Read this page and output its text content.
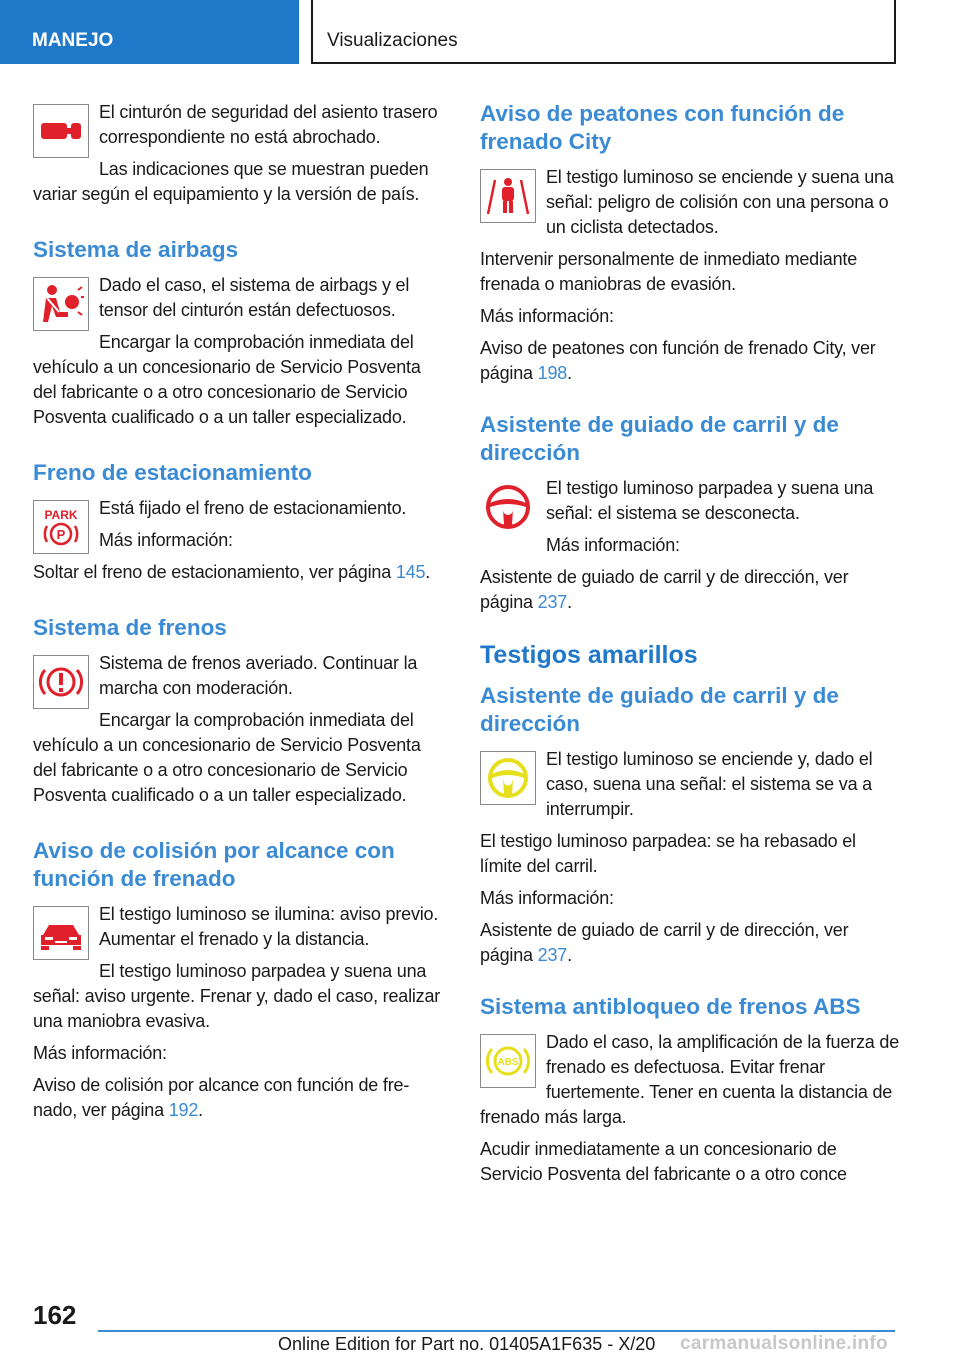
MANEJO	Visualizaciones

El cinturón de seguridad del asiento trasero correspondiente no está abrochado.

Las indicaciones que se muestran pueden variar según el equipamiento y la versión de país.

Sistema de airbags

Dado el caso, el sistema de airbags y el tensor del cinturón están defectuosos.

Encargar la comprobación inmediata del vehículo a un concesionario de Servicio Posventa del fabricante o a otro concesionario de Servicio Posventa cualificado o a un taller especializado.

Freno de estacionamiento
PARK
P

Está fijado el freno de estacionamiento.

Más información:

Soltar el freno de estacionamiento, ver página 145.

Sistema de frenos

Sistema de frenos averiado. Continuar la marcha con moderación.

Encargar la comprobación inmediata del vehículo a un concesionario de Servicio Posventa del fabricante o a otro concesionario de Servicio Posventa cualificado o a un taller especializado.

Aviso de colisión por alcance con función de frenado

El testigo luminoso se ilumina: aviso previo. Aumentar el frenado y la distancia.

El testigo luminoso parpadea y suena una señal: aviso urgente. Frenar y, dado el caso, realizar una maniobra evasiva.

Más información:

Aviso de colisión por alcance con función de frenado, ver página 192.

Aviso de peatones con función de frenado City

El testigo luminoso se enciende y suena una señal: peligro de colisión con una persona o un ciclista detectados.

Intervenir personalmente de inmediato mediante frenada o maniobras de evasión.

Más información:

Aviso de peatones con función de frenado City, ver página 198.

Asistente de guiado de carril y de dirección

El testigo luminoso parpadea y suena una señal: el sistema se desconecta.

Más información:

Asistente de guiado de carril y de dirección, ver página 237.

Testigos amarillos
Asistente de guiado de carril y de dirección

El testigo luminoso se enciende y, dado el caso, suena una señal: el sistema se va a interrumpir.

El testigo luminoso parpadea: se ha rebasado el límite del carril.

Más información:

Asistente de guiado de carril y de dirección, ver página 237.

Sistema antibloqueo de frenos ABS
ABS

Dado el caso, la amplificación de la fuerza de frenado es defectuosa. Evitar frenar fuertemente. Tener en cuenta la distancia de frenado más larga.

Acudir inmediatamente a un concesionario de Servicio Posventa del fabricante o a otro conce

162
Online Edition for Part no. 01405A1F635 - X/20 carmanualsonline.info
